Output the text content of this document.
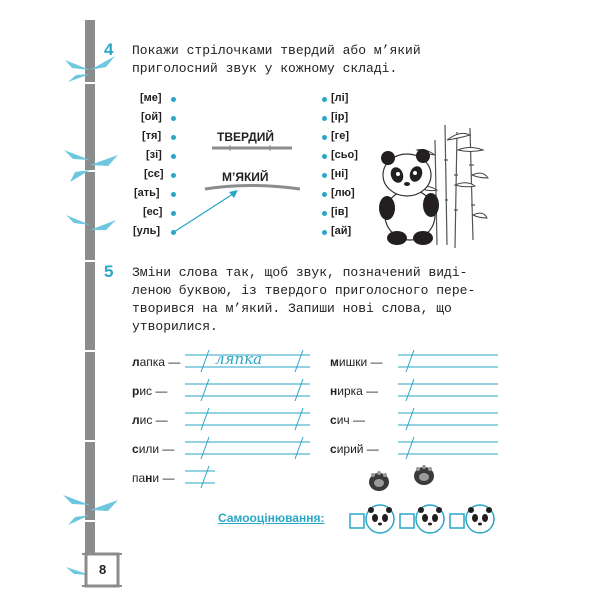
4 Покажи стрілочками твердий або м’який
приголосний звук у кожному складі.
[ме]
[ой]
[тя]
[зі]
[сє]
[ать]
[ес]
[уль]
ТВЕРДИЙ
М’ЯКИЙ
[лі]
[ір]
[ге]
[сьо]
[ні]
[лю]
[ів]
[ай]
5 Зміни слова так, щоб звук, позначений виді-
леною буквою, із твердого приголосного пере-
творився на м’який. Запиши нові слова, що
утворилися.
лапка —
рис —
лис —
сили —
пани —
ляпка	мишки —
нирка —
сич —
сирий —
Самооцінювання:
8
